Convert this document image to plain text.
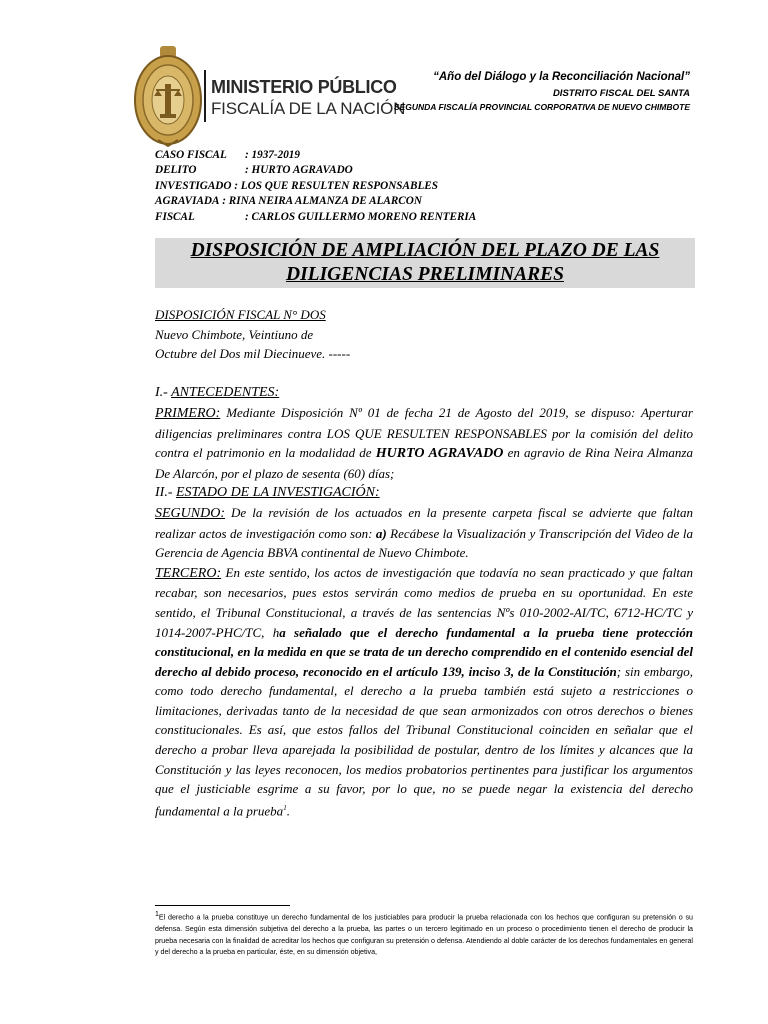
MINISTERIO PÚBLICO
FISCALÍA DE LA NACIÓN
“Año del Diálogo y la Reconciliación Nacional”
DISTRITO FISCAL DEL SANTA
SEGUNDA FISCALÍA PROVINCIAL CORPORATIVA DE NUEVO CHIMBOTE
CASO FISCAL : 1937-2019
DELITO	: HURTO AGRAVADO
INVESTIGADO : LOS QUE RESULTEN RESPONSABLES
AGRAVIADA : RINA NEIRA ALMANZA DE ALARCON
FISCAL	: CARLOS GUILLERMO MORENO RENTERIA
DISPOSICIÓN DE AMPLIACIÓN DEL PLAZO DE LAS
DILIGENCIAS PRELIMINARES

DISPOSICIÓN FISCAL N° DOS

Nuevo Chimbote, Veintiuno de

Octubre del Dos mil Diecinueve. -----

I.- ANTECEDENTES:

PRIMERO: Mediante Disposición Nº 01 de fecha 21 de Agosto del 2019, se dispuso: Aperturar diligencias preliminares contra LOS QUE RESULTEN RESPONSABLES por la comisión del delito contra el patrimonio en la modalidad de HURTO AGRAVADO en agravio de Rina Neira Almanza De Alarcón, por el plazo de sesenta (60) días;

II.- ESTADO DE LA INVESTIGACIÓN:

SEGUNDO: De la revisión de los actuados en la presente carpeta fiscal se advierte que faltan realizar actos de investigación como son: a) Recábese la Visualización y Transcripción del Video de la Gerencia de Agencia BBVA continental de Nuevo Chimbote.

TERCERO: En este sentido, los actos de investigación que todavía no sean practicado y que faltan recabar, son necesarios, pues estos servirán como medios de prueba en su oportunidad. En este sentido, el Tribunal Constitucional, a través de las sentencias Nºs 010-2002-AI/TC, 6712-HC/TC y 1014-2007-PHC/TC, ha señalado que el derecho fundamental a la prueba tiene protección constitucional, en la medida en que se trata de un derecho comprendido en el contenido esencial del derecho al debido proceso, reconocido en el artículo 139, inciso 3, de la Constitución; sin embargo, como todo derecho fundamental, el derecho a la prueba también está sujeto a restricciones o limitaciones, derivadas tanto de la necesidad de que sean armonizados con otros derechos o bienes constitucionales. Es así, que estos fallos del Tribunal Constitucional coinciden en señalar que el derecho a probar lleva aparejada la posibilidad de postular, dentro de los límites y alcances que la Constitución y las leyes reconocen, los medios probatorios pertinentes para justificar los argumentos que el justiciable esgrime a su favor, por lo que, no se puede negar la existencia del derecho fundamental a la prueba$^1$.

$^1$El derecho a la prueba constituye un derecho fundamental de los justiciables para producir la prueba relacionada con los hechos que configuran su pretensión o su defensa. Según esta dimensión subjetiva del derecho a la prueba, las partes o un tercero legitimado en un proceso o procedimiento tienen el derecho de producir la prueba necesaria con la finalidad de acreditar los hechos que configuran su pretensión o defensa. Atendiendo al doble carácter de los derechos fundamentales en general y del derecho a la prueba en particular, éste, en su dimensión objetiva,
